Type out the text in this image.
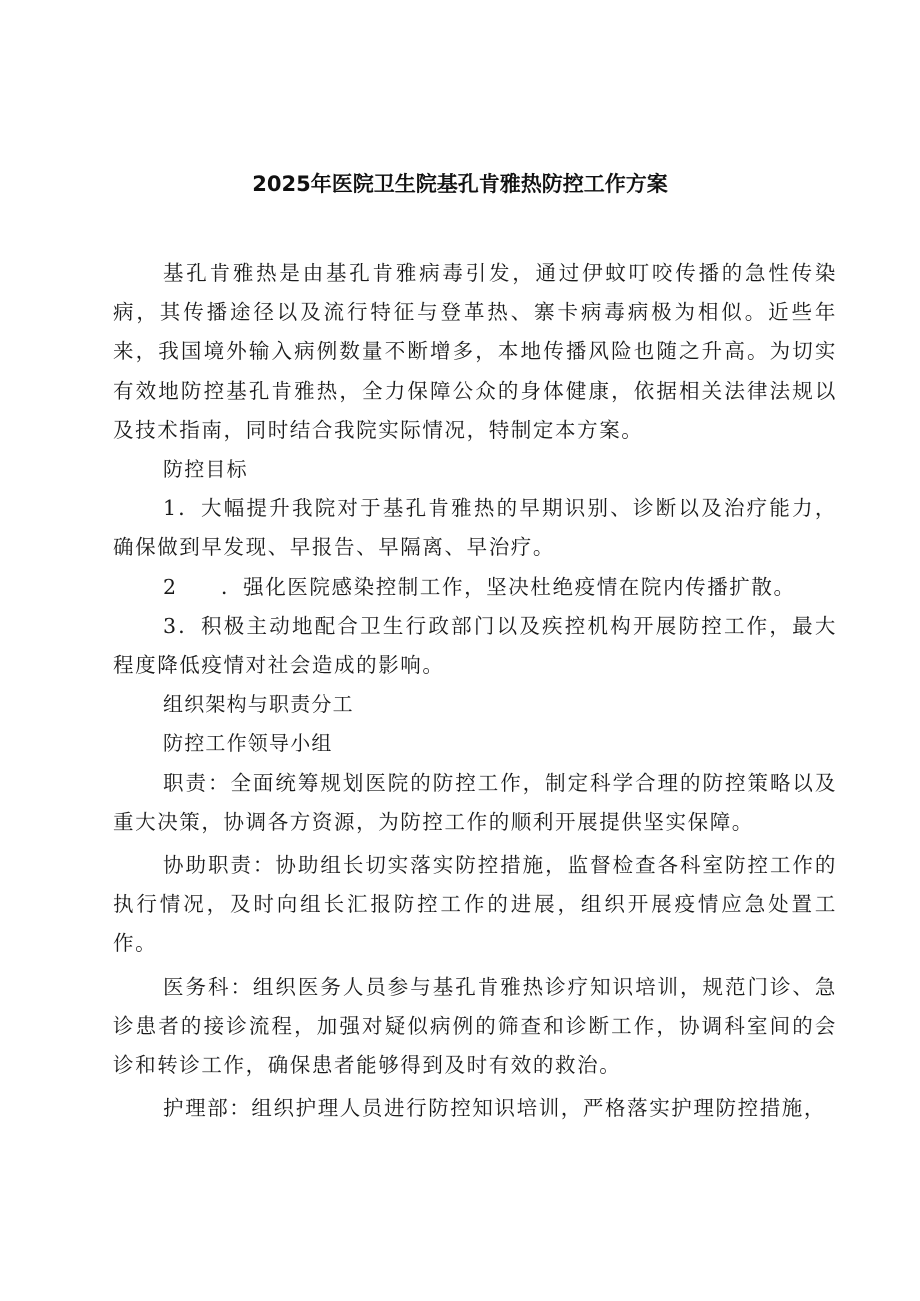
2025年医院卫生院基孔肯雅热防控工作方案

基孔肯雅热是由基孔肯雅病毒引发，通过伊蚊叮咬传播的急性传染病，其传播途径以及流行特征与登革热、寨卡病毒病极为相似。近些年来，我国境外输入病例数量不断增多，本地传播风险也随之升高。为切实有效地防控基孔肯雅热，全力保障公众的身体健康，依据相关法律法规以及技术指南，同时结合我院实际情况，特制定本方案。

防控目标

1．大幅提升我院对于基孔肯雅热的早期识别、诊断以及治疗能力，确保做到早发现、早报告、早隔离、早治疗。

2 ．强化医院感染控制工作，坚决杜绝疫情在院内传播扩散。

3．积极主动地配合卫生行政部门以及疾控机构开展防控工作，最大程度降低疫情对社会造成的影响。

组织架构与职责分工

防控工作领导小组

职责：全面统筹规划医院的防控工作，制定科学合理的防控策略以及重大决策，协调各方资源，为防控工作的顺利开展提供坚实保障。

协助职责：协助组长切实落实防控措施，监督检查各科室防控工作的执行情况，及时向组长汇报防控工作的进展，组织开展疫情应急处置工作。

医务科：组织医务人员参与基孔肯雅热诊疗知识培训，规范门诊、急诊患者的接诊流程，加强对疑似病例的筛查和诊断工作，协调科室间的会诊和转诊工作，确保患者能够得到及时有效的救治。

护理部：组织护理人员进行防控知识培训，严格落实护理防控措施，
